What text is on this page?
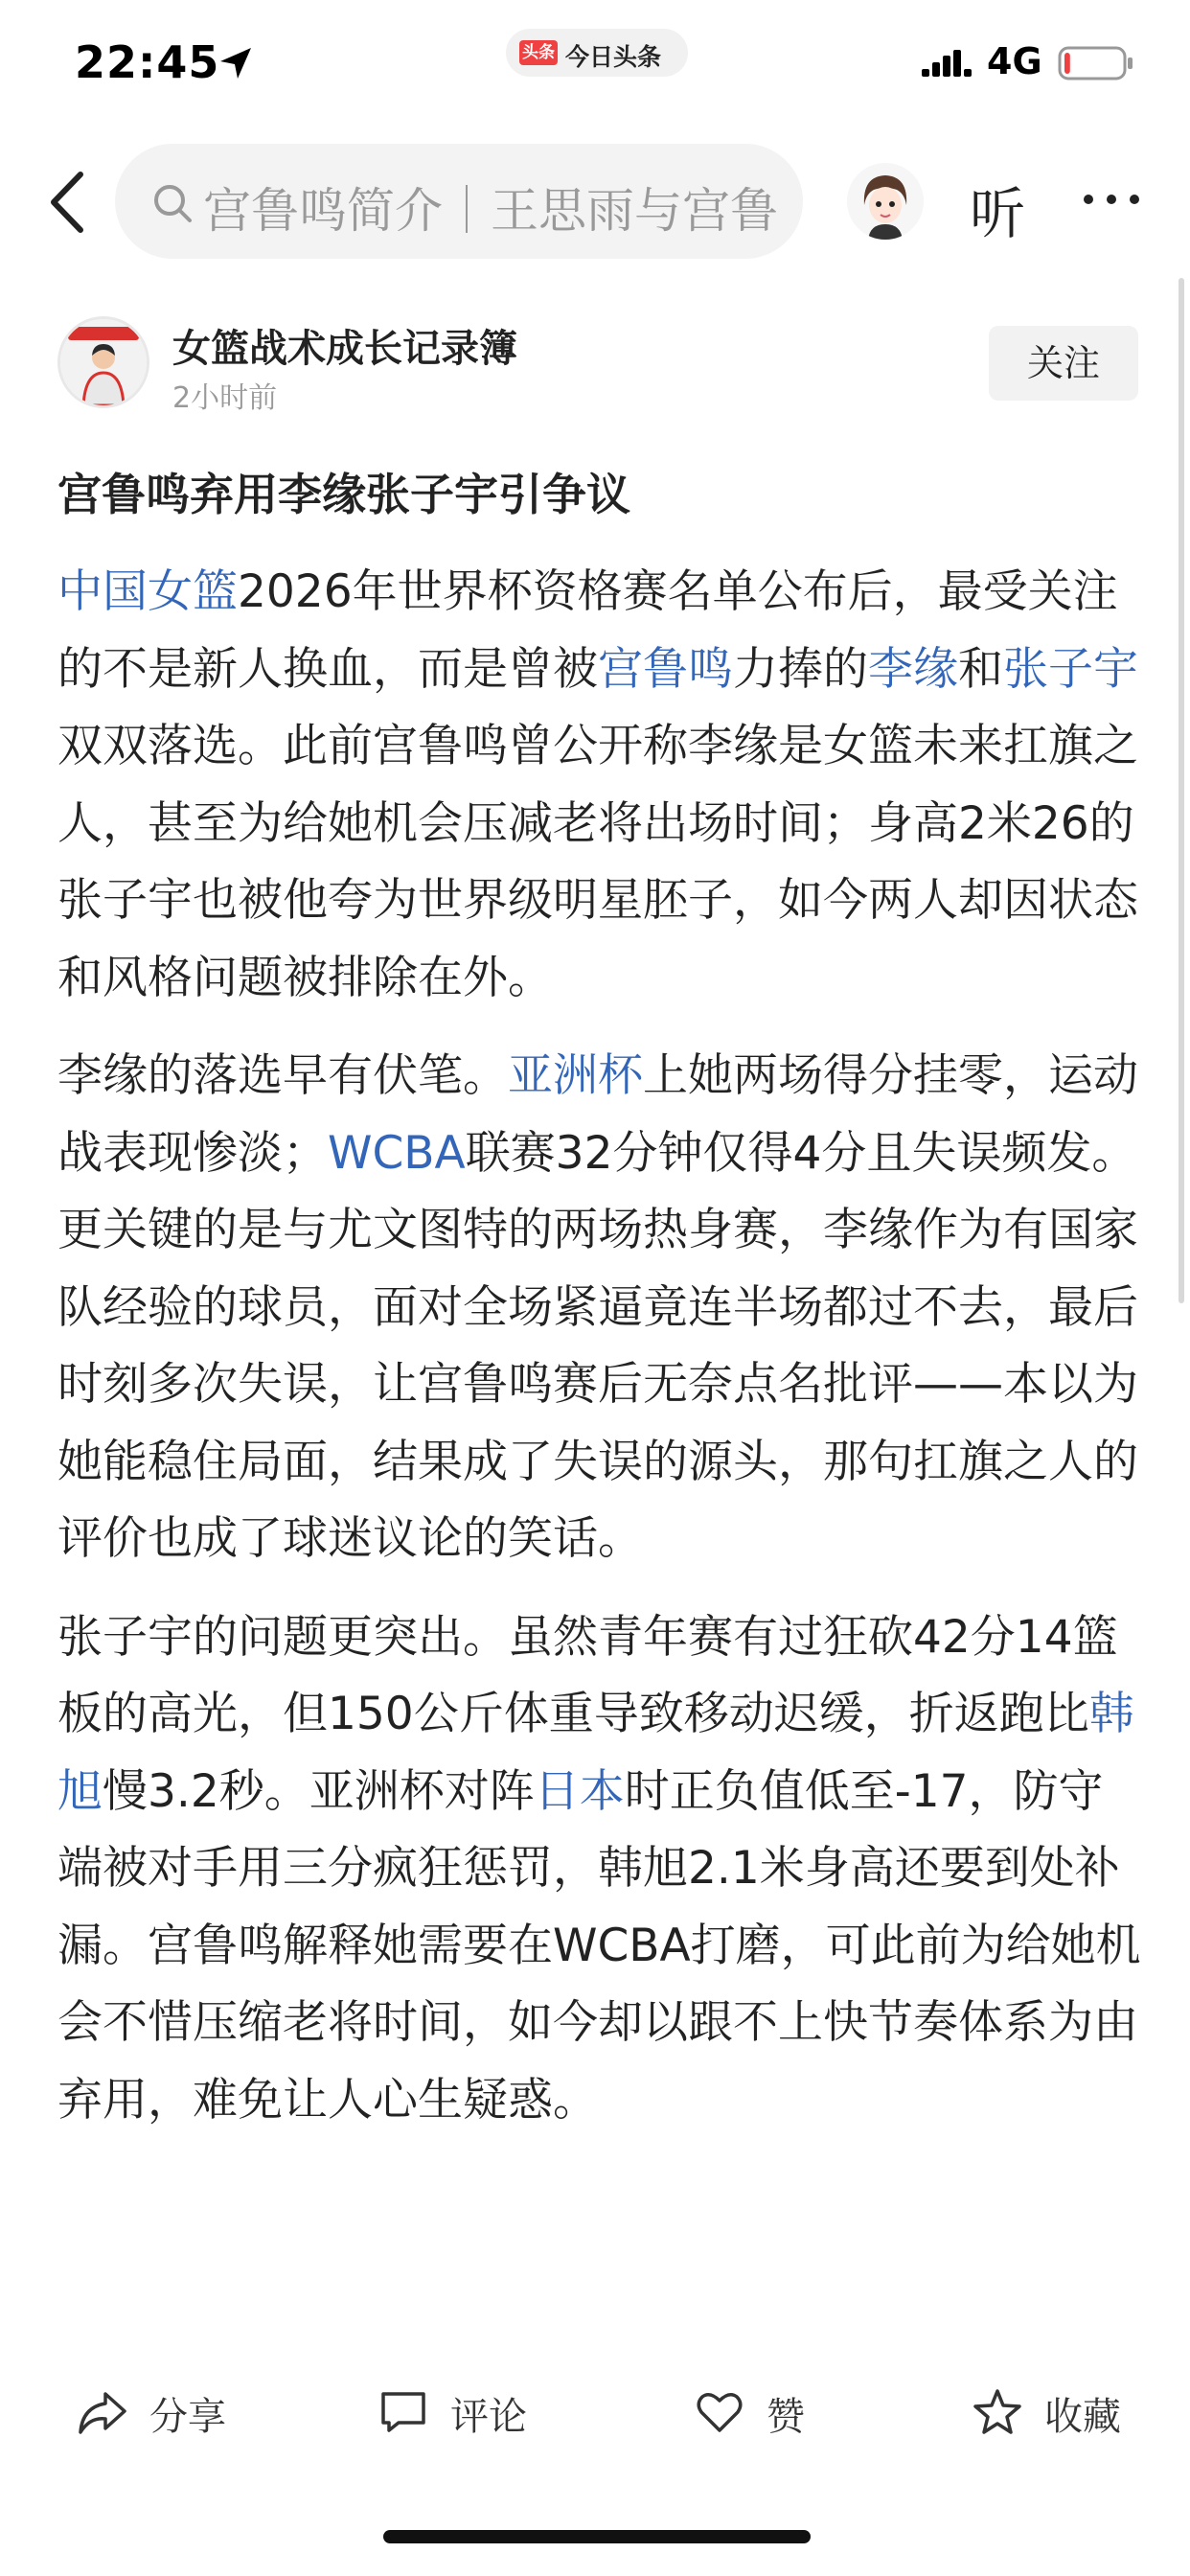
22:45	头条 今日头条	4G
宫鲁鸣简介｜王思雨与宫鲁	听
女篮战术成长记录簿
2小时前
关注
宫鲁鸣弃用李缘张子宇引争议

中国女篮2026年世界杯资格赛名单公布后，最受关注的不是新人换血，而是曾被宫鲁鸣力捧的李缘和张子宇双双落选。此前宫鲁鸣曾公开称李缘是女篮未来扛旗之人，甚至为给她机会压减老将出场时间；身高2米26的张子宇也被他夸为世界级明星胚子，如今两人却因状态和风格问题被排除在外。

李缘的落选早有伏笔。亚洲杯上她两场得分挂零，运动战表现惨淡；WCBA联赛32分钟仅得4分且失误频发。更关键的是与尤文图特的两场热身赛，李缘作为有国家队经验的球员，面对全场紧逼竟连半场都过不去，最后时刻多次失误，让宫鲁鸣赛后无奈点名批评——本以为她能稳住局面，结果成了失误的源头，那句扛旗之人的评价也成了球迷议论的笑话。

张子宇的问题更突出。虽然青年赛有过狂砍42分14篮板的高光，但150公斤体重导致移动迟缓，折返跑比韩旭慢3.2秒。亚洲杯对阵日本时正负值低至-17，防守端被对手用三分疯狂惩罚，韩旭2.1米身高还要到处补漏。宫鲁鸣解释她需要在WCBA打磨，可此前为给她机会不惜压缩老将时间，如今却以跟不上快节奏体系为由弃用，难免让人心生疑惑。

分享	评论	赞	收藏
